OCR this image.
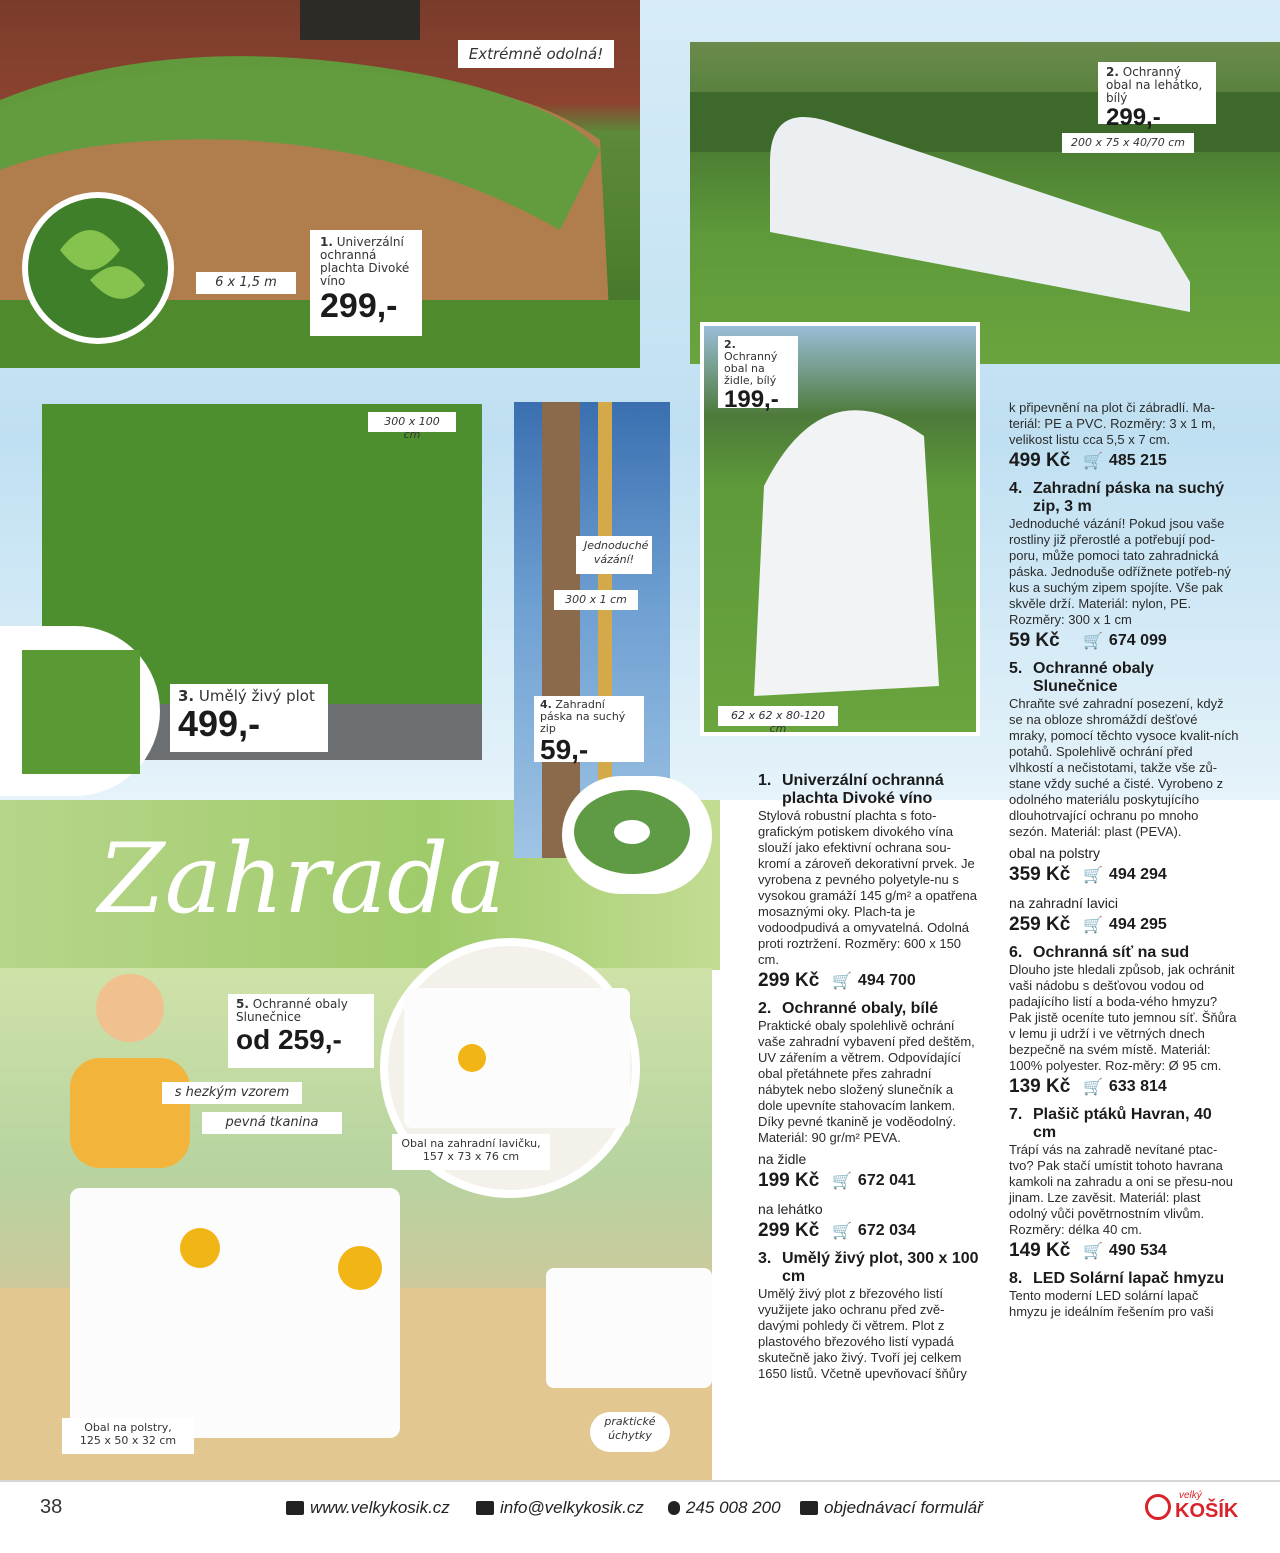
Extrémně odolná!
6 x 1,5 m
1. Univerzální ochranná plachta Divoké víno
299,-
2. Ochranný obal na lehátko, bílý
299,-
200 x 75 x 40/70 cm
2. Ochranný obal na židle, bílý
199,-
62 x 62 x 80-120 cm
300 x 100 cm
3. Umělý živý plot
499,-
Jednoduché vázání!
300 x 1 cm
4. Zahradní páska na suchý zip
59,-
Zahrada
5. Ochranné obaly Slunečnice
od 259,-
s hezkým vzorem
pevná tkanina
Obal na zahradní lavičku,
157 x 73 x 76 cm
Obal na polstry,
125 x 50 x 32 cm
praktické
úchytky
1. Univerzální ochranná plachta Divoké víno

Stylová robustní plachta s foto-grafickým potiskem divokého vína slouží jako efektivní ochrana sou-kromí a zároveň dekorativní prvek. Je vyrobena z pevného polyetyle-nu s vysokou gramáží 145 g/m² a opatřena mosaznými oky. Plach-ta je vodoodpudivá a omyvatelná. Odolná proti roztržení. Rozměry: 600 x 150 cm.

299 Kč 🛒 494 700
2. Ochranné obaly, bílé

Praktické obaly spolehlivě ochrání vaše zahradní vybavení před deštěm, UV zářením a větrem. Odpovídající obal přetáhnete přes zahradní nábytek nebo složený slunečník a dole upevníte stahovacím lankem. Díky pevné tkanině je voděodolný. Materiál: 90 gr/m² PEVA.

na židle
199 Kč 🛒 672 041
na lehátko
299 Kč 🛒 672 034
3. Umělý živý plot, 300 x 100 cm

Umělý živý plot z březového listí využijete jako ochranu před zvě-davými pohledy či větrem. Plot z plastového březového listí vypadá skutečně jako živý. Tvoří jej celkem 1650 listů. Včetně upevňovací šňůry

k připevnění na plot či zábradlí. Ma-teriál: PE a PVC. Rozměry: 3 x 1 m, velikost listu cca 5,5 x 7 cm.

499 Kč 🛒 485 215
4. Zahradní páska na suchý zip, 3 m

Jednoduché vázání! Pokud jsou vaše rostliny již přerostlé a potřebují pod-poru, může pomoci tato zahradnická páska. Jednoduše odřížnete potřeb-ný kus a suchým zipem spojíte. Vše pak skvěle drží. Materiál: nylon, PE. Rozměry: 300 x 1 cm

59 Kč	🛒 674 099
5. Ochranné obaly Slunečnice

Chraňte své zahradní posezení, když se na obloze shromáždí dešťové mraky, pomocí těchto vysoce kvalit-ních potahů. Spolehlivě ochrání před vlhkostí a nečistotami, takže vše zů-stane vždy suché a čisté. Vyrobeno z odolného materiálu poskytujícího dlouhotrvající ochranu po mnoho sezón. Materiál: plast (PEVA).

obal na polstry
359 Kč 🛒 494 294
na zahradní lavici
259 Kč 🛒 494 295
6. Ochranná síť na sud

Dlouho jste hledali způsob, jak ochránit vaši nádobu s dešťovou vodou od padajícího listí a boda-vého hmyzu? Pak jistě oceníte tuto jemnou síť. Šňůra v lemu ji udrží i ve větrných dnech bezpečně na svém místě. Materiál: 100% polyester. Roz-měry: Ø 95 cm.

139 Kč 🛒 633 814
7. Plašič ptáků Havran, 40 cm

Trápí vás na zahradě nevítané ptac-tvo? Pak stačí umístit tohoto havrana kamkoli na zahradu a oni se přesu-nou jinam. Lze zavěsit. Materiál: plast odolný vůči povětrnostním vlivům. Rozměry: délka 40 cm.

149 Kč 🛒 490 534
8. LED Solární lapač hmyzu

Tento moderní LED solární lapač hmyzu je ideálním řešením pro vaši

38	www.velkykosik.cz	info@velkykosik.cz 245 008 200	objednávací formulář
velký
KOŠÍK
